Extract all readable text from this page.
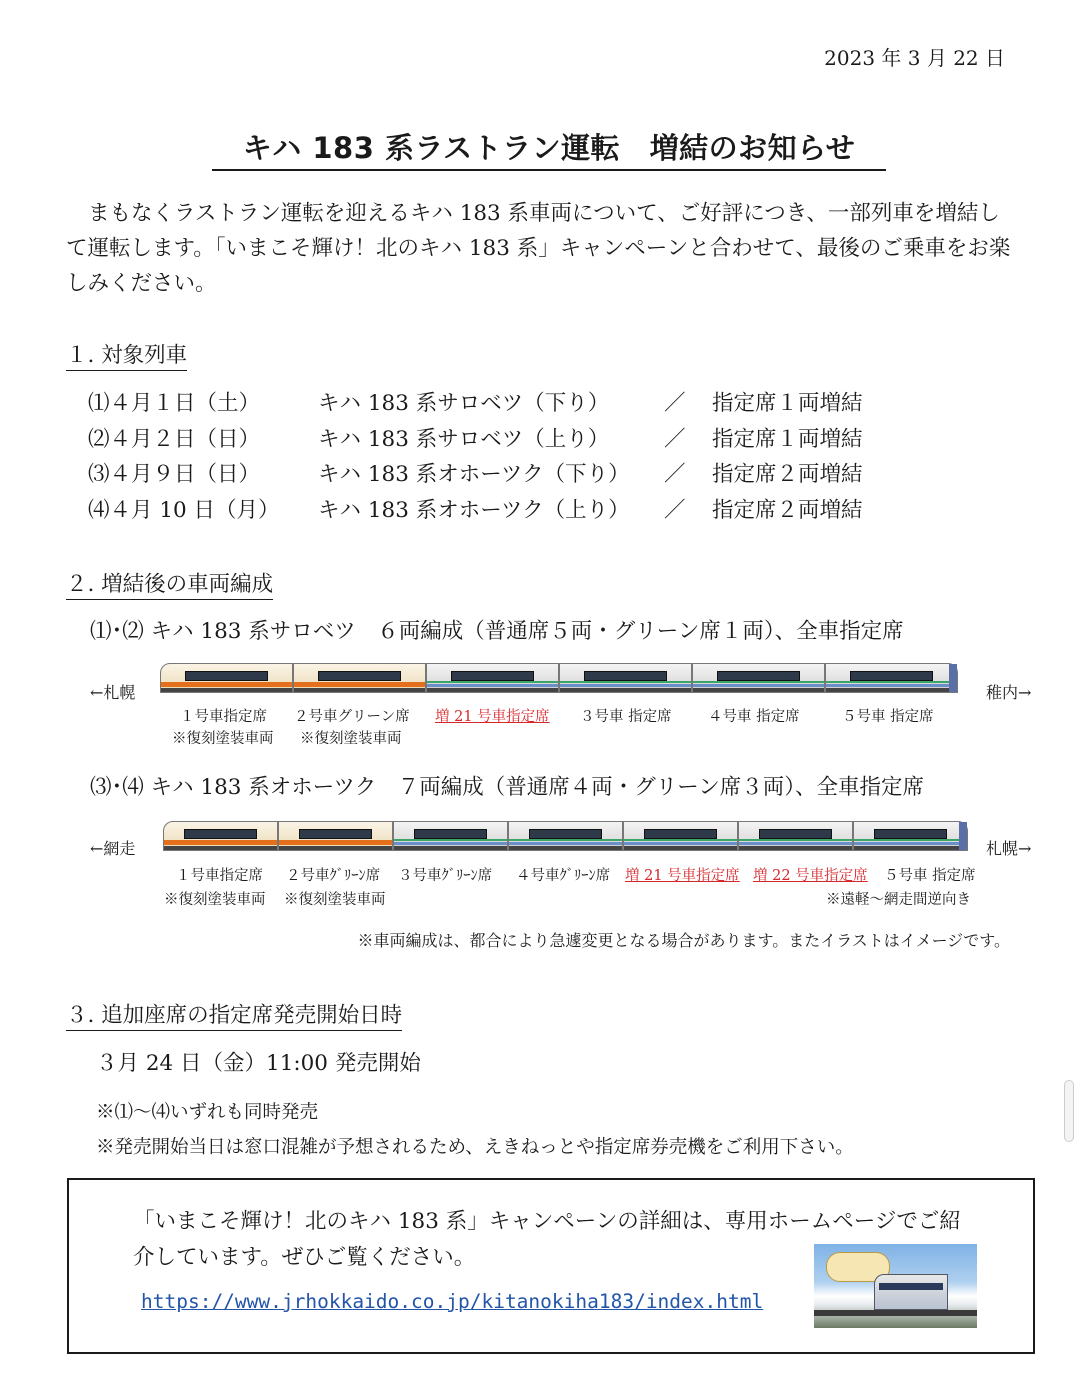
2023 年 3 月 22 日
キハ 183 系ラストラン運転　増結のお知らせ
まもなくラストラン運転を迎えるキハ 183 系車両について、ご好評につき、一部列車を増結して運転します。「いまこそ輝け！北のキハ 183 系」キャンペーンと合わせて、最後のご乗車をお楽しみください。
１. 対象列車
⑴４月１日（土）	キハ 183 系サロベツ（下り）	／ 指定席１両増結
⑵４月２日（日）	キハ 183 系サロベツ（上り）	／ 指定席１両増結
⑶４月９日（日）	キハ 183 系オホーツク（下り） ／ 指定席２両増結
⑷４月 10 日（月） キハ 183 系オホーツク（上り） ／ 指定席２両増結
２. 増結後の車両編成
⑴･⑵ キハ 183 系サロベツ　６両編成（普通席５両・グリーン席１両）、全車指定席
←札幌	稚内→
１号車指定席 ２号車グリーン席 増 21 号車指定席 ３号車 指定席	４号車 指定席	５号車 指定席
※復刻塗装車両 ※復刻塗装車両
⑶･⑷ キハ 183 系オホーツク　７両編成（普通席４両・グリーン席３両）、全車指定席
←網走	札幌→
１号車指定席 ２号車ｸﾞﾘｰﾝ席 ３号車ｸﾞﾘｰﾝ席 ４号車ｸﾞﾘｰﾝ席 増 21 号車指定席 増 22 号車指定席 ５号車 指定席
※復刻塗装車両 ※復刻塗装車両	※遠軽～網走間逆向き
※車両編成は、都合により急遽変更となる場合があります。またイラストはイメージです。
３. 追加座席の指定席発売開始日時
３月 24 日（金）11:00 発売開始
※⑴～⑷いずれも同時発売
※発売開始当日は窓口混雑が予想されるため、えきねっとや指定席券売機をご利用下さい。
「いまこそ輝け！北のキハ 183 系」キャンペーンの詳細は、専用ホームページでご紹介しています。ぜひご覧ください。
https://www.jrhokkaido.co.jp/kitanokiha183/index.html
